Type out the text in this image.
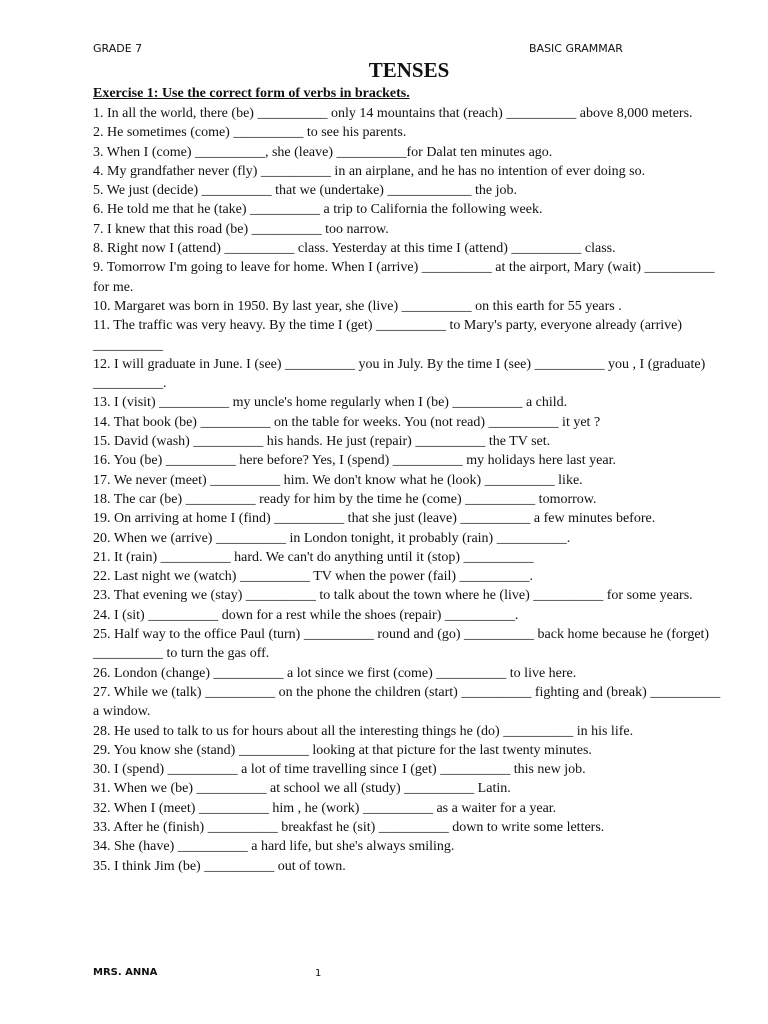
GRADE 7	BASIC GRAMMAR
TENSES
Exercise 1: Use the correct form of verbs in brackets.

1. In all the world, there (be) __________ only 14 mountains that (reach) __________ above 8,000 meters.

2. He sometimes (come) __________ to see his parents.

3. When I (come) __________, she (leave) __________for Dalat ten minutes ago.

4. My grandfather never (fly) __________ in an airplane, and he has no intention of ever doing so.

5. We just (decide) __________ that we (undertake) ____________ the job.

6. He told me that he (take) __________ a trip to California the following week.

7. I knew that this road (be) __________ too narrow.

8. Right now I (attend) __________ class. Yesterday at this time I (attend) __________ class.

9. Tomorrow I'm going to leave for home. When I (arrive) __________ at the airport, Mary (wait) __________ for me.

10. Margaret was born in 1950. By last year, she (live) __________ on this earth for 55 years .

11. The traffic was very heavy. By the time I (get) __________ to Mary's party, everyone already (arrive) __________

12. I will graduate in June. I (see) __________ you in July. By the time I (see) __________ you , I (graduate) __________.

13. I (visit) __________ my uncle's home regularly when I (be) __________ a child.

14. That book (be) __________ on the table for weeks. You (not read) __________ it yet ?

15. David (wash) __________ his hands. He just (repair) __________ the TV set.

16. You (be) __________ here before? Yes, I (spend) __________ my holidays here last year.

17. We never (meet) __________ him. We don't know what he (look) __________ like.

18. The car (be) __________ ready for him by the time he (come) __________ tomorrow.

19. On arriving at home I (find) __________ that she just (leave) __________ a few minutes before.

20. When we (arrive) __________ in London tonight, it probably (rain) __________.

21. It (rain) __________ hard. We can't do anything until it (stop) __________

22. Last night we (watch) __________ TV when the power (fail) __________.

23. That evening we (stay) __________ to talk about the town where he (live) __________ for some years.

24. I (sit) __________ down for a rest while the shoes (repair) __________.

25. Half way to the office Paul (turn) __________ round and (go) __________ back home because he (forget) __________ to turn the gas off.

26. London (change) __________ a lot since we first (come) __________ to live here.

27. While we (talk) __________ on the phone the children (start) __________ fighting and (break) __________ a window.

28. He used to talk to us for hours about all the interesting things he (do) __________ in his life.

29. You know she (stand) __________ looking at that picture for the last twenty minutes.

30. I (spend) __________ a lot of time travelling since I (get) __________ this new job.

31. When we (be) __________ at school we all (study) __________ Latin.

32. When I (meet) __________ him , he (work) __________ as a waiter for a year.

33. After he (finish) __________ breakfast he (sit) __________ down to write some letters.

34. She (have) __________ a hard life, but she's always smiling.

35. I think Jim (be) __________ out of town.

MRS. ANNA	1
